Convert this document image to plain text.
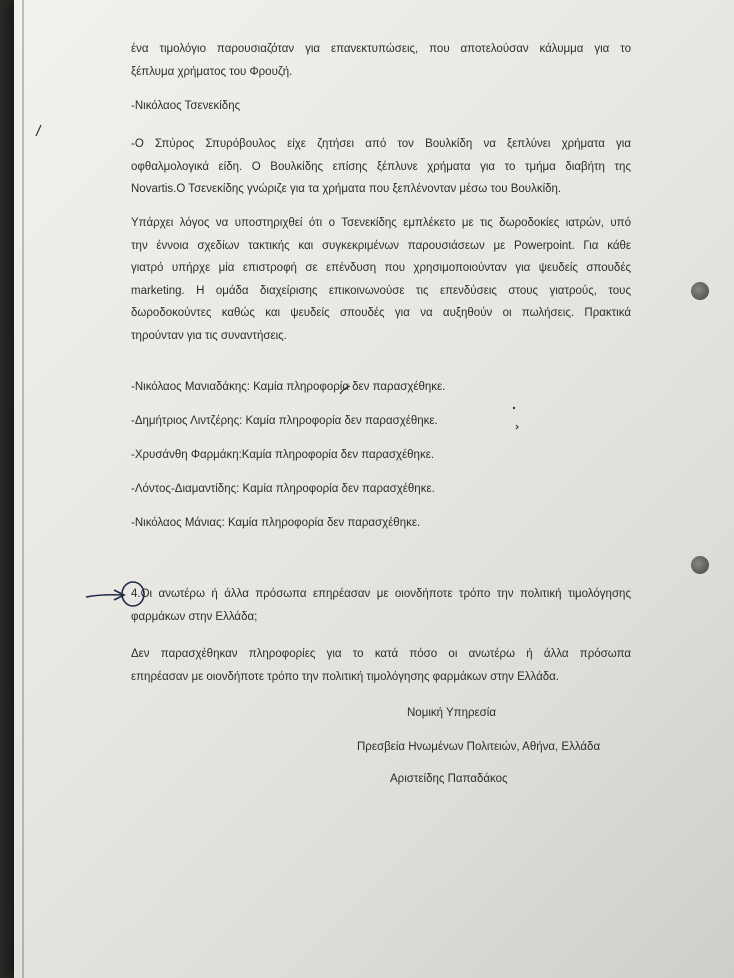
ένα τιμολόγιο παρουσιαζόταν για επανεκτυπώσεις, που αποτελούσαν κάλυμμα για το
ξέπλυμα χρήματος του Φρουζή.
-Νικόλαος Τσενεκίδης
-Ο Σπύρος Σπυρόβουλος είχε ζητήσει από τον Βουλκίδη να ξεπλύνει χρήματα για
οφθαλμολογικά είδη. Ο Βουλκίδης επίσης ξέπλυνε χρήματα για το τμήμα διαβήτη της
Novartis.Ο Τσενεκίδης γνώριζε για τα χρήματα που ξεπλένονταν μέσω του Βουλκίδη.
Υπάρχει λόγος να υποστηριχθεί ότι ο Τσενεκίδης εμπλέκετο με τις δωροδοκίες ιατρών, υπό
την έννοια σχεδίων τακτικής και συγκεκριμένων παρουσιάσεων με Powerpoint. Για κάθε
γιατρό υπήρχε μία επιστροφή σε επένδυση που χρησιμοποιούνταν για ψευδείς σπουδές
marketing. Η ομάδα διαχείρισης επικοινωνούσε τις επενδύσεις στους γιατρούς, τους
δωροδοκούντες καθώς και ψευδείς σπουδές για να αυξηθούν οι πωλήσεις. Πρακτικά
τηρούνταν για τις συναντήσεις.
-Νικόλαος Μανιαδάκης: Καμία πληροφορία δεν παρασχέθηκε.
-Δημήτριος Λιντζέρης: Καμία πληροφορία δεν παρασχέθηκε.
-Χρυσάνθη Φαρμάκη:Καμία πληροφορία δεν παρασχέθηκε.
-Λόντος-Διαμαντίδης: Καμία πληροφορία δεν παρασχέθηκε.
-Νικόλαος Μάνιας: Καμία πληροφορία δεν παρασχέθηκε.
4.Οι ανωτέρω ή άλλα πρόσωπα επηρέασαν με οιονδήποτε τρόπο την πολιτική τιμολόγησης
φαρμάκων στην Ελλάδα;
Δεν παρασχέθηκαν πληροφορίες για το κατά πόσο οι ανωτέρω ή άλλα πρόσωπα
επηρέασαν με οιονδήποτε τρόπο την πολιτική τιμολόγησης φαρμάκων στην Ελλάδα.
Νομική Υπηρεσία
Πρεσβεία Ηνωμένων Πολιτειών, Αθήνα, Ελλάδα
Αριστείδης Παπαδάκος
